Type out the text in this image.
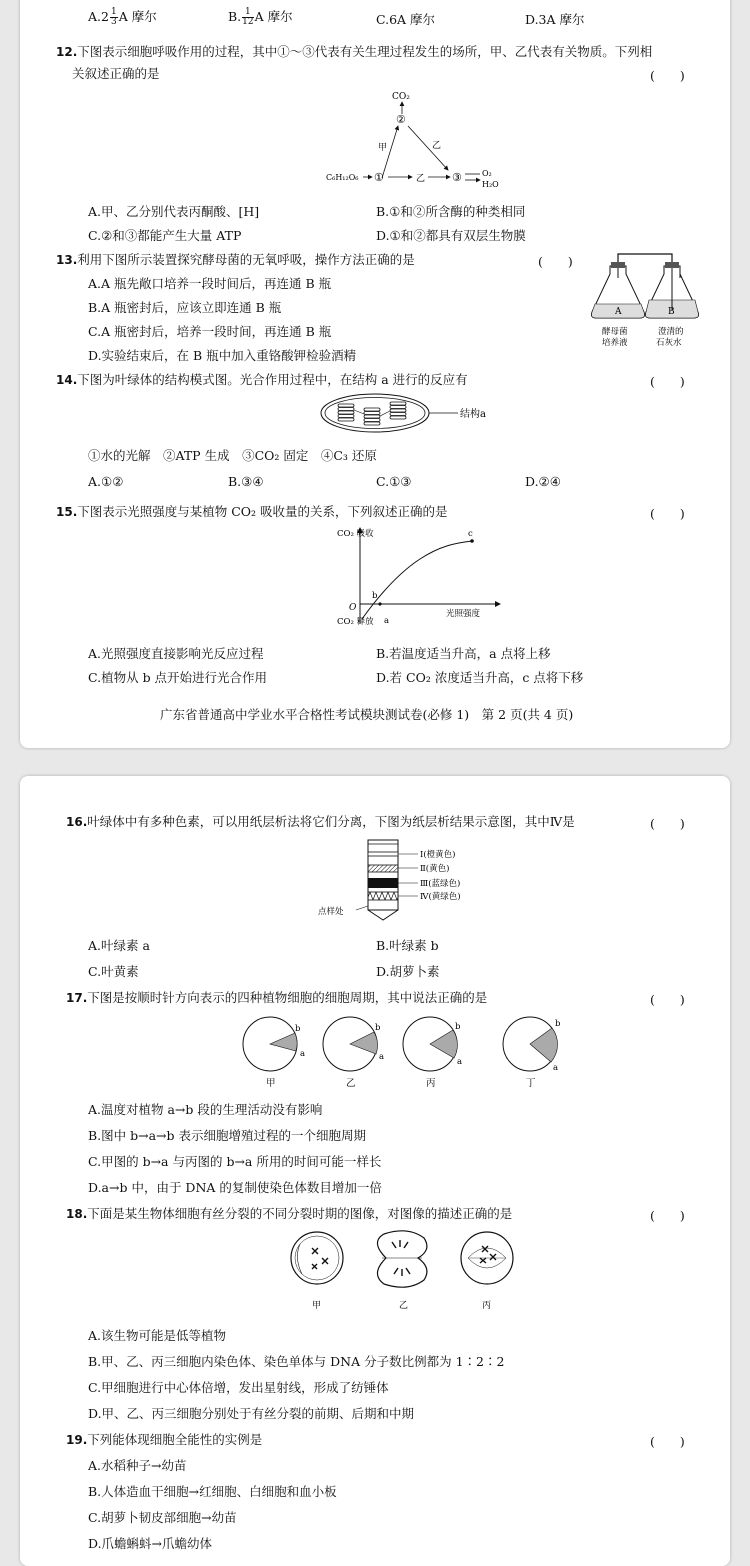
$A.2 \frac{1}{3}$ A 摩尔	B. $\frac{1}{12}$ A 摩尔	C.6A 摩尔	D.3A 摩尔
12.下图表示细胞呼吸作用的过程，其中①～③代表有关生理过程发生的场所，甲、乙代表有关物质。下列相
关叙述正确的是	(　　)
CO₂
②
甲	乙
C₆H₁₂O₆ ①	乙 ③	O₂
H₂O
A.甲、乙分别代表丙酮酸、[H]	B.①和②所含酶的种类相同
C.②和③都能产生大量 ATP	D.①和②都具有双层生物膜
13.利用下图所示装置探究酵母菌的无氧呼吸，操作方法正确的是	(　　)
A.A 瓶先敞口培养一段时间后，再连通 B 瓶
B.A 瓶密封后，应该立即连通 B 瓶
C.A 瓶密封后，培养一段时间，再连通 B 瓶
D.实验结束后，在 B 瓶中加入重铬酸钾检验酒精
A	B
酵母菌
培养液
澄清的
石灰水
14.下图为叶绿体的结构模式图。光合作用过程中，在结构 a 进行的反应有	(　　)
结构a
①水的光解　②ATP 生成　③CO₂ 固定　④C₃ 还原
A.①②	B.③④	C.①③	D.②④
15.下图表示光照强度与某植物 CO₂ 吸收量的关系，下列叙述正确的是	(　　)
CO₂ 吸收
CO₂ 释放
光照强度
O
a
b
c
A.光照强度直接影响光反应过程	B.若温度适当升高，a 点将上移
C.植物从 b 点开始进行光合作用	D.若 CO₂ 浓度适当升高，c 点将下移
广东省普通高中学业水平合格性考试模块测试卷(必修 1)　第 2 页(共 4 页)
16.叶绿体中有多种色素，可以用纸层析法将它们分离，下图为纸层析结果示意图，其中Ⅳ是	(　　)
Ⅰ(橙黄色)
Ⅱ(黄色)
Ⅲ(蓝绿色)
Ⅳ(黄绿色)
点样处
A.叶绿素 a	B.叶绿素 b
C.叶黄素	D.胡萝卜素
17.下图是按顺时针方向表示的四种植物细胞的细胞周期，其中说法正确的是	(　　)
b
a
甲
b
a
乙
b
a
丙
b
a
丁
A.温度对植物 a→b 段的生理活动没有影响
B.图中 b→a→b 表示细胞增殖过程的一个细胞周期
C.甲图的 b→a 与丙图的 b→a 所用的时间可能一样长
D.a→b 中，由于 DNA 的复制使染色体数目增加一倍
18.下面是某生物体细胞有丝分裂的不同分裂时期的图像，对图像的描述正确的是	(　　)
甲	乙	丙
A.该生物可能是低等植物
B.甲、乙、丙三细胞内染色体、染色单体与 DNA 分子数比例都为 1∶2∶2
C.甲细胞进行中心体倍增，发出星射线，形成了纺锤体
D.甲、乙、丙三细胞分别处于有丝分裂的前期、后期和中期
19.下列能体现细胞全能性的实例是	(　　)
A.水稻种子→幼苗
B.人体造血干细胞→红细胞、白细胞和血小板
C.胡萝卜韧皮部细胞→幼苗
D.爪蟾蝌蚪→爪蟾幼体
